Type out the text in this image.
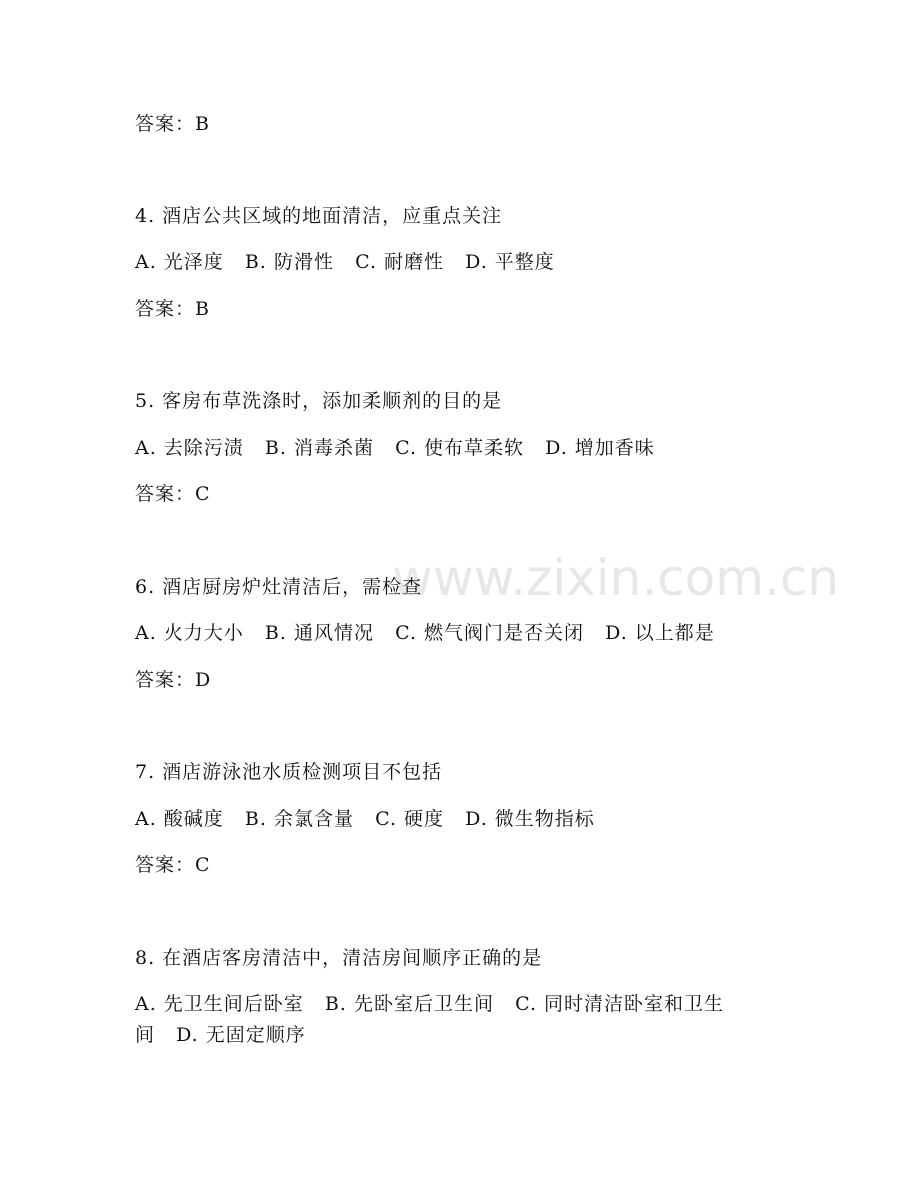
www.zixin.com.cn
答案：B
4. 酒店公共区域的地面清洁，应重点关注
A. 光泽度   B. 防滑性   C. 耐磨性   D. 平整度
答案：B
5. 客房布草洗涤时，添加柔顺剂的目的是
A. 去除污渍   B. 消毒杀菌   C. 使布草柔软   D. 增加香味
答案：C
6. 酒店厨房炉灶清洁后，需检查
A. 火力大小   B. 通风情况   C. 燃气阀门是否关闭   D. 以上都是
答案：D
7. 酒店游泳池水质检测项目不包括
A. 酸碱度   B. 余氯含量   C. 硬度   D. 微生物指标
答案：C
8. 在酒店客房清洁中，清洁房间顺序正确的是
A. 先卫生间后卧室   B. 先卧室后卫生间   C. 同时清洁卧室和卫生
间   D. 无固定顺序
